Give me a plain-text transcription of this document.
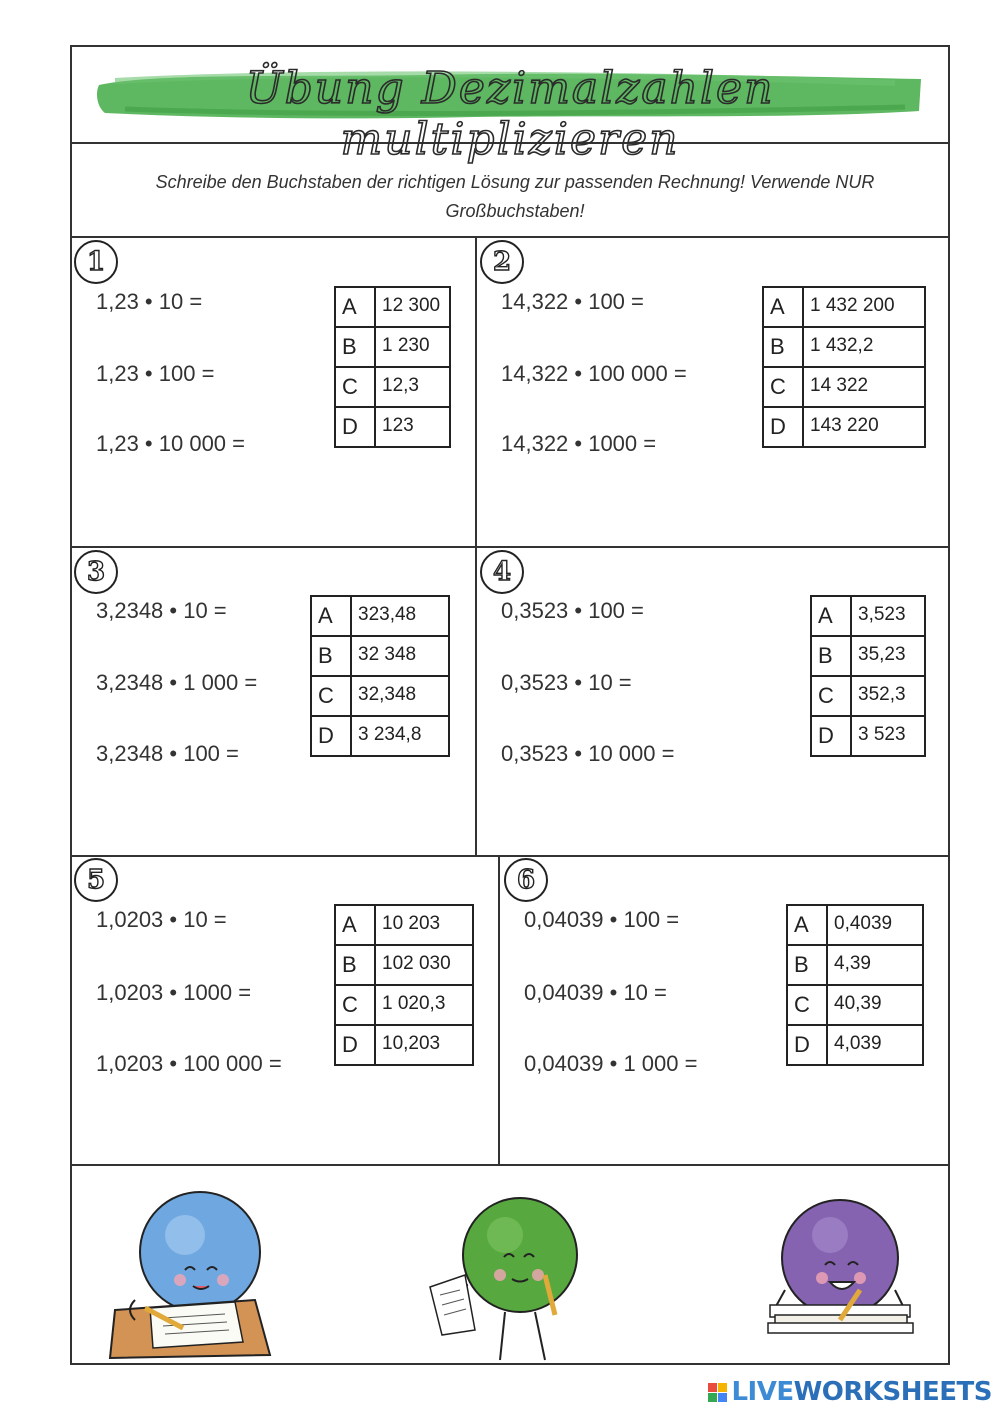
Übung Dezimalzahlen multiplizieren
Schreibe den Buchstaben der richtigen Lösung zur passenden Rechnung! Verwende NUR Großbuchstaben!
1
1,23 • 10 =
1,23 • 100 =
1,23 • 10 000 =
A	12 300
B	1 230
C	12,3
D	123
2
14,322 • 100 =
14,322 • 100 000 =
14,322 • 1000 =
A	1 432 200
B	1 432,2
C	14 322
D	143 220
3
3,2348 • 10 =
3,2348 • 1 000 =
3,2348 • 100 =
A	323,48
B	32 348
C	32,348
D	3 234,8
4
0,3523 • 100 =
0,3523 • 10 =
0,3523 • 10 000 =
A	3,523
B	35,23
C	352,3
D	3 523
5
1,0203 • 10 =
1,0203 • 1000 =
1,0203 • 100 000 =
A	10 203
B	102 030
C	1 020,3
D	10,203
6
0,04039 • 100 =
0,04039 • 10 =
0,04039 • 1 000 =
A	0,4039
B	4,39
C	40,39
D	4,039
LIVE WORKSHEETS
